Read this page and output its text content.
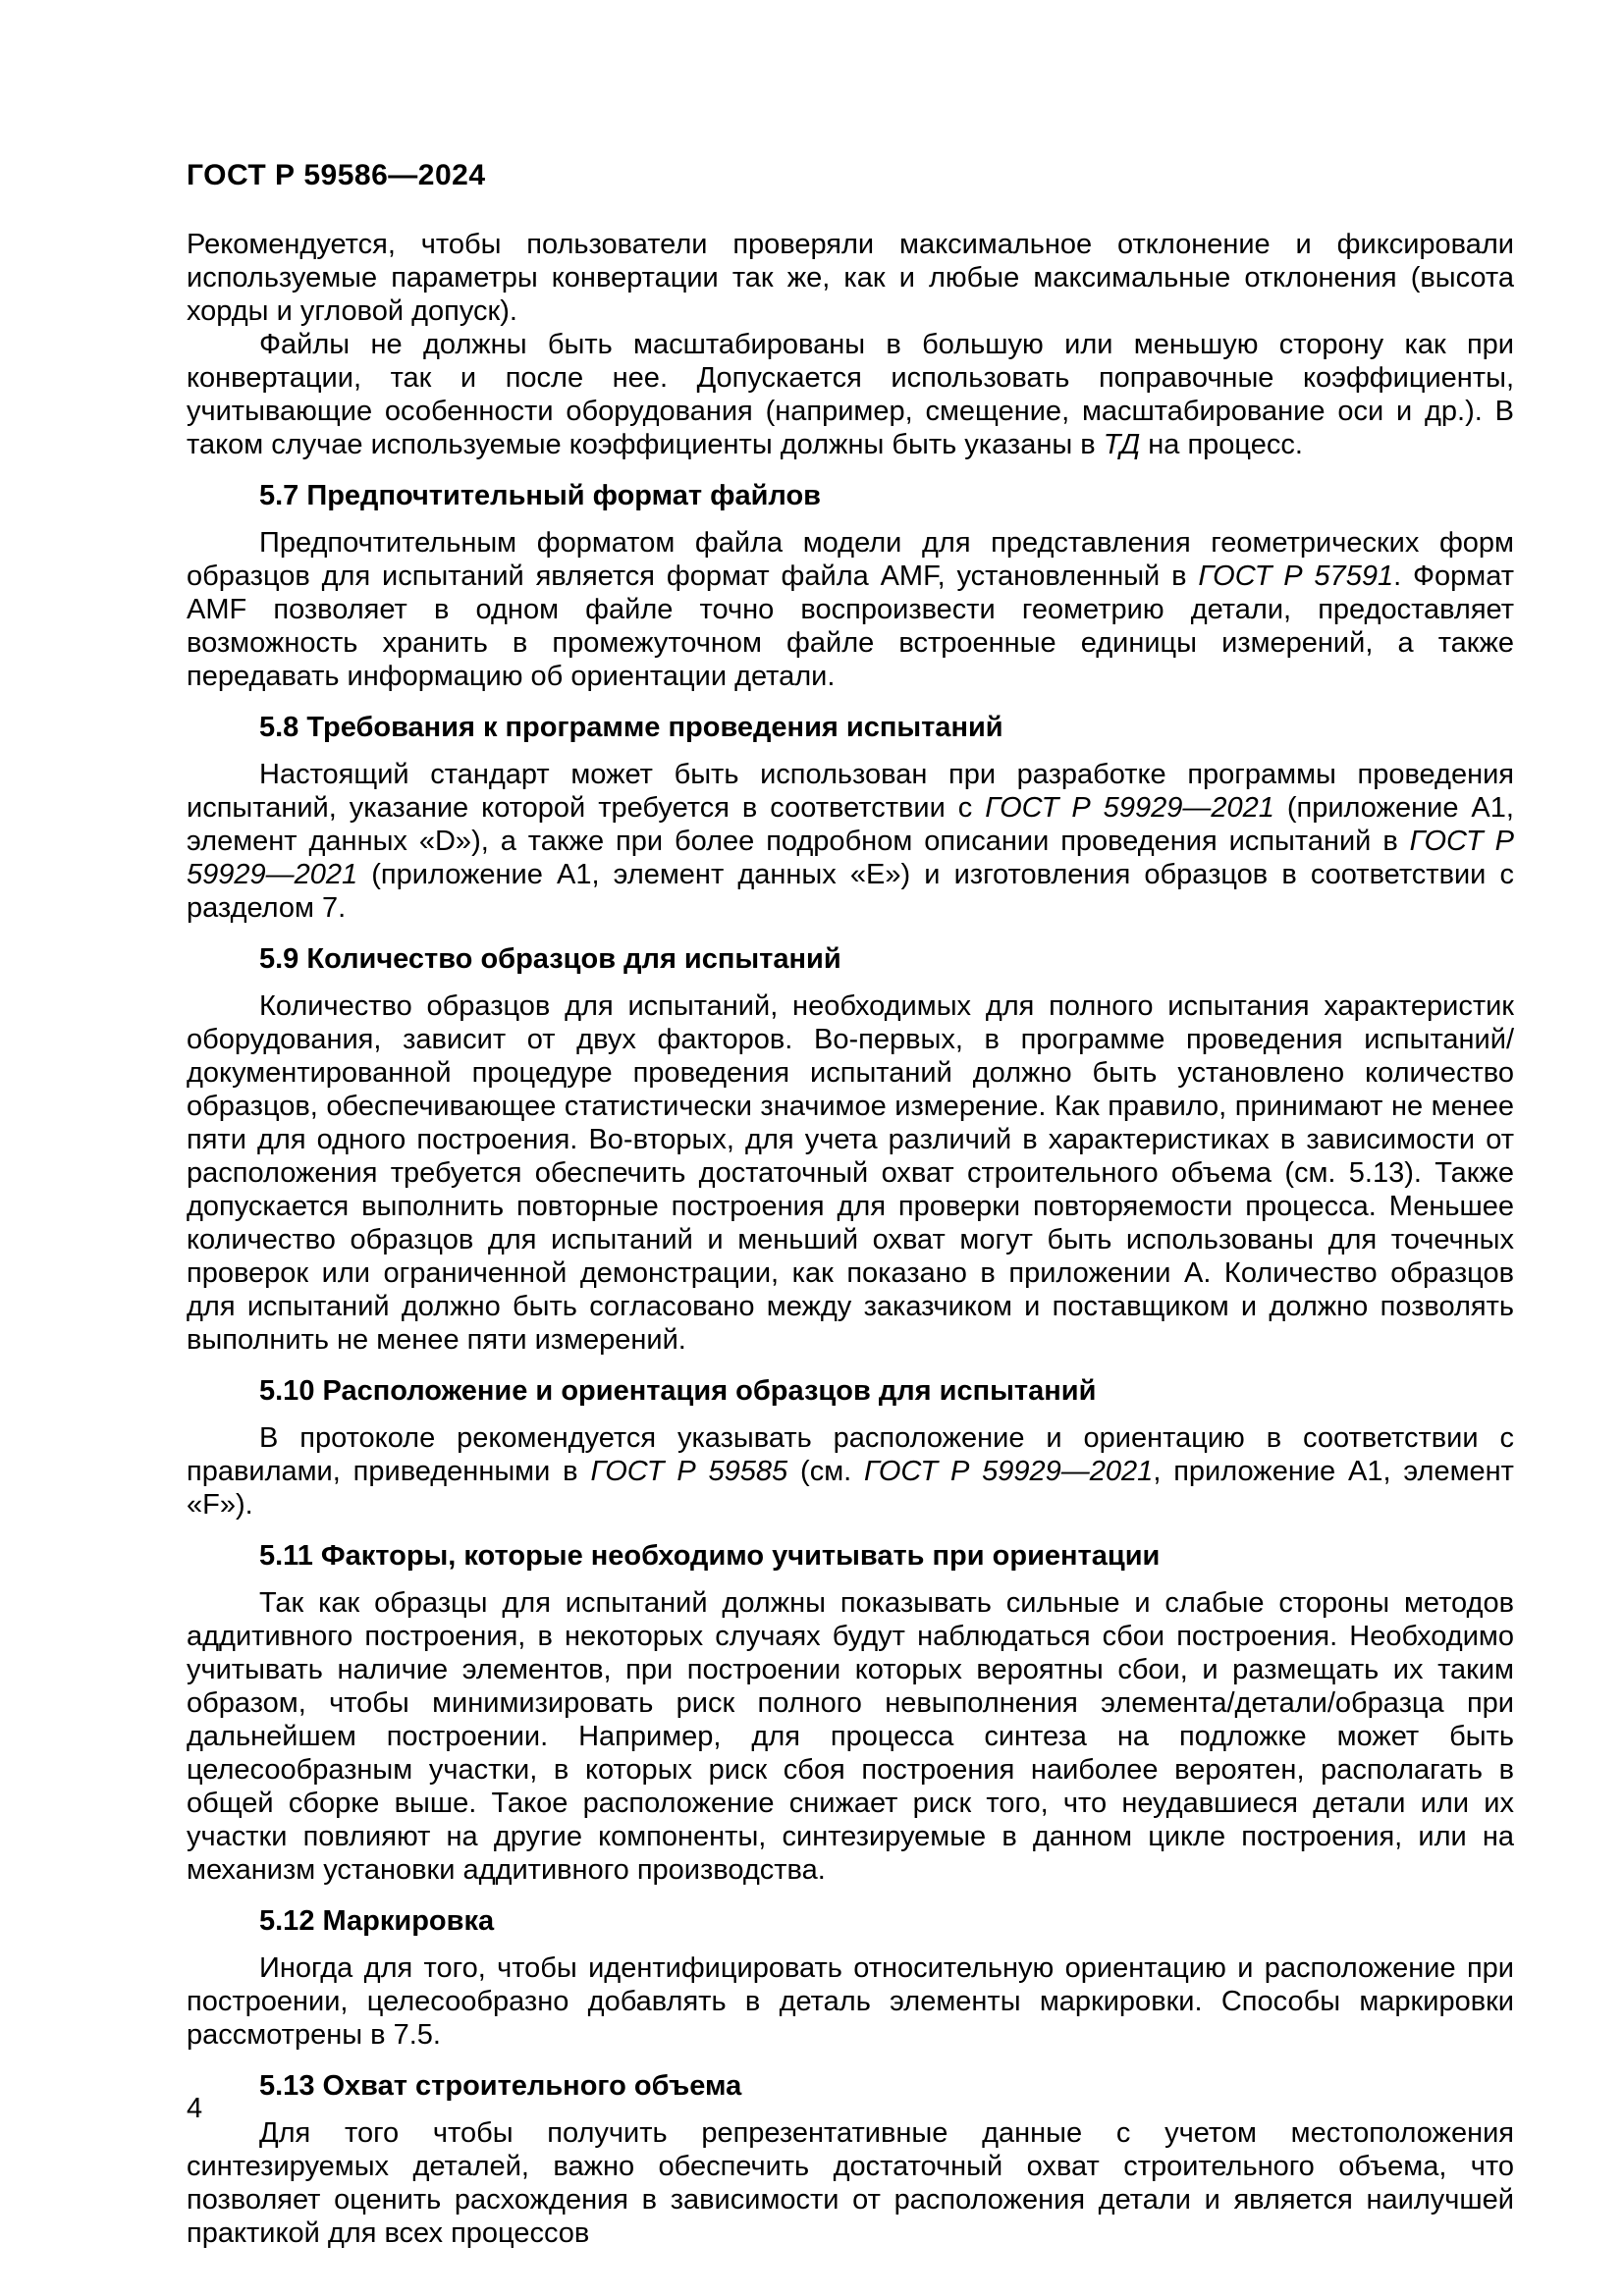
ГОСТ Р 59586—2024

Рекомендуется, чтобы пользователи проверяли максимальное отклонение и фиксировали используемые параметры конвертации так же, как и любые максимальные отклонения (высота хорды и угловой допуск).

Файлы не должны быть масштабированы в большую или меньшую сторону как при конвертации, так и после нее. Допускается использовать поправочные коэффициенты, учитывающие особенности оборудования (например, смещение, масштабирование оси и др.). В таком случае используемые коэффициенты должны быть указаны в ТД на процесс.

5.7 Предпочтительный формат файлов

Предпочтительным форматом файла модели для представления геометрических форм образцов для испытаний является формат файла AMF, установленный в ГОСТ Р 57591. Формат AMF позволяет в одном файле точно воспроизвести геометрию детали, предоставляет возможность хранить в промежуточном файле встроенные единицы измерений, а также передавать информацию об ориентации детали.

5.8 Требования к программе проведения испытаний

Настоящий стандарт может быть использован при разработке программы проведения испытаний, указание которой требуется в соответствии с ГОСТ Р 59929—2021 (приложение А1, элемент данных «D»), а также при более подробном описании проведения испытаний в ГОСТ Р 59929—2021 (приложение А1, элемент данных «Е») и изготовления образцов в соответствии с разделом 7.

5.9 Количество образцов для испытаний

Количество образцов для испытаний, необходимых для полного испытания характеристик оборудования, зависит от двух факторов. Во-первых, в программе проведения испытаний/документированной процедуре проведения испытаний должно быть установлено количество образцов, обеспечивающее статистически значимое измерение. Как правило, принимают не менее пяти для одного построения. Во-вторых, для учета различий в характеристиках в зависимости от расположения требуется обеспечить достаточный охват строительного объема (см. 5.13). Также допускается выполнить повторные построения для проверки повторяемости процесса. Меньшее количество образцов для испытаний и меньший охват могут быть использованы для точечных проверок или ограниченной демонстрации, как показано в приложении А. Количество образцов для испытаний должно быть согласовано между заказчиком и поставщиком и должно позволять выполнить не менее пяти измерений.

5.10 Расположение и ориентация образцов для испытаний

В протоколе рекомендуется указывать расположение и ориентацию в соответствии с правилами, приведенными в ГОСТ Р 59585 (см. ГОСТ Р 59929—2021, приложение А1, элемент «F»).

5.11 Факторы, которые необходимо учитывать при ориентации

Так как образцы для испытаний должны показывать сильные и слабые стороны методов аддитивного построения, в некоторых случаях будут наблюдаться сбои построения. Необходимо учитывать наличие элементов, при построении которых вероятны сбои, и размещать их таким образом, чтобы минимизировать риск полного невыполнения элемента/детали/образца при дальнейшем построении. Например, для процесса синтеза на подложке может быть целесообразным участки, в которых риск сбоя построения наиболее вероятен, располагать в общей сборке выше. Такое расположение снижает риск того, что неудавшиеся детали или их участки повлияют на другие компоненты, синтезируемые в данном цикле построения, или на механизм установки аддитивного производства.

5.12 Маркировка

Иногда для того, чтобы идентифицировать относительную ориентацию и расположение при построении, целесообразно добавлять в деталь элементы маркировки. Способы маркировки рассмотрены в 7.5.

5.13 Охват строительного объема

Для того чтобы получить репрезентативные данные с учетом местоположения синтезируемых деталей, важно обеспечить достаточный охват строительного объема, что позволяет оценить расхождения в зависимости от расположения детали и является наилучшей практикой для всех процессов

4
